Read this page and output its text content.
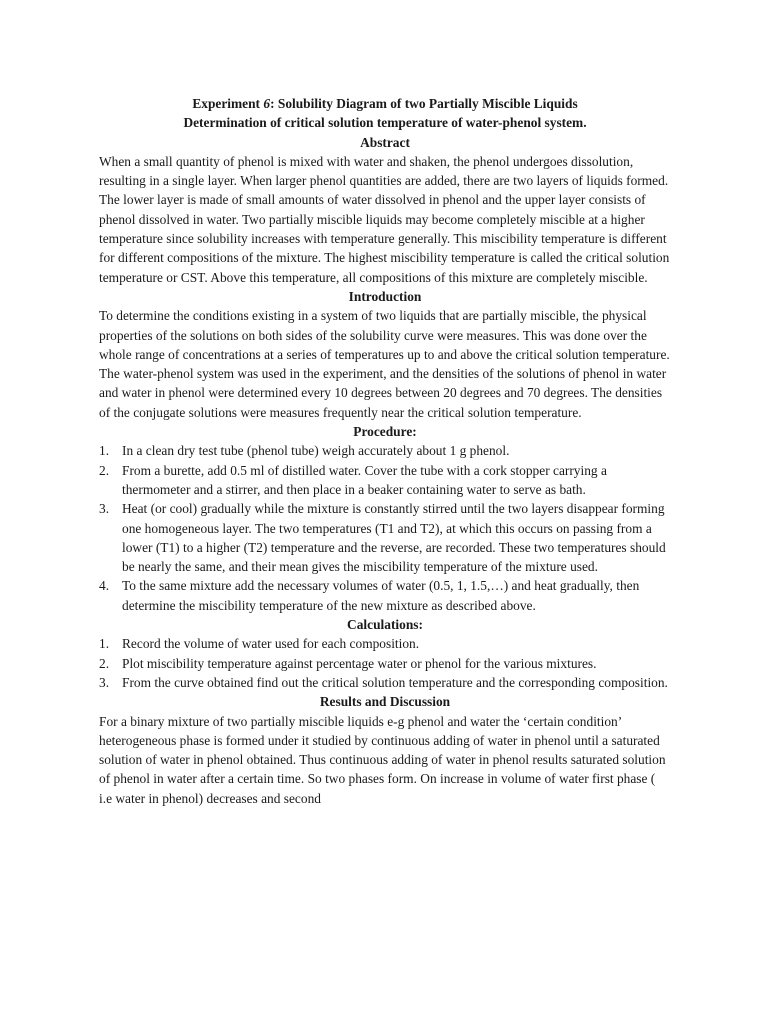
Experiment 6: Solubility Diagram of two Partially Miscible Liquids

Determination of critical solution temperature of water-phenol system.

Abstract

When a small quantity of phenol is mixed with water and shaken, the phenol undergoes dissolution, resulting in a single layer. When larger phenol quantities are added, there are two layers of liquids formed. The lower layer is made of small amounts of water dissolved in phenol and the upper layer consists of phenol dissolved in water. Two partially miscible liquids may become completely miscible at a higher temperature since solubility increases with temperature generally. This miscibility temperature is different for different compositions of the mixture. The highest miscibility temperature is called the critical solution temperature or CST. Above this temperature, all compositions of this mixture are completely miscible.

Introduction

To determine the conditions existing in a system of two liquids that are partially miscible, the physical properties of the solutions on both sides of the solubility curve were measures. This was done over the whole range of concentrations at a series of temperatures up to and above the critical solution temperature. The water-phenol system was used in the experiment, and the densities of the solutions of phenol in water and water in phenol were determined every 10 degrees between 20 degrees and 70 degrees. The densities of the conjugate solutions were measures frequently near the critical solution temperature.

Procedure:

1. In a clean dry test tube (phenol tube) weigh accurately about 1 g phenol.
2. From a burette, add 0.5 ml of distilled water. Cover the tube with a cork stopper carrying a thermometer and a stirrer, and then place in a beaker containing water to serve as bath.
3. Heat (or cool) gradually while the mixture is constantly stirred until the two layers disappear forming one homogeneous layer. The two temperatures (T1 and T2), at which this occurs on passing from a lower (T1) to a higher (T2) temperature and the reverse, are recorded. These two temperatures should be nearly the same, and their mean gives the miscibility temperature of the mixture used.
4. To the same mixture add the necessary volumes of water (0.5, 1, 1.5,…) and heat gradually, then determine the miscibility temperature of the new mixture as described above.

Calculations:

1. Record the volume of water used for each composition.
2. Plot miscibility temperature against percentage water or phenol for the various mixtures.
3. From the curve obtained find out the critical solution temperature and the corresponding composition.

Results and Discussion

For a binary mixture of two partially miscible liquids e-g phenol and water the ‘certain condition’ heterogeneous phase is formed under it studied by continuous adding of water in phenol until a saturated solution of water in phenol obtained. Thus continuous adding of water in phenol results saturated solution of phenol in water after a certain time. So two phases form. On increase in volume of water first phase ( i.e water in phenol) decreases and second
